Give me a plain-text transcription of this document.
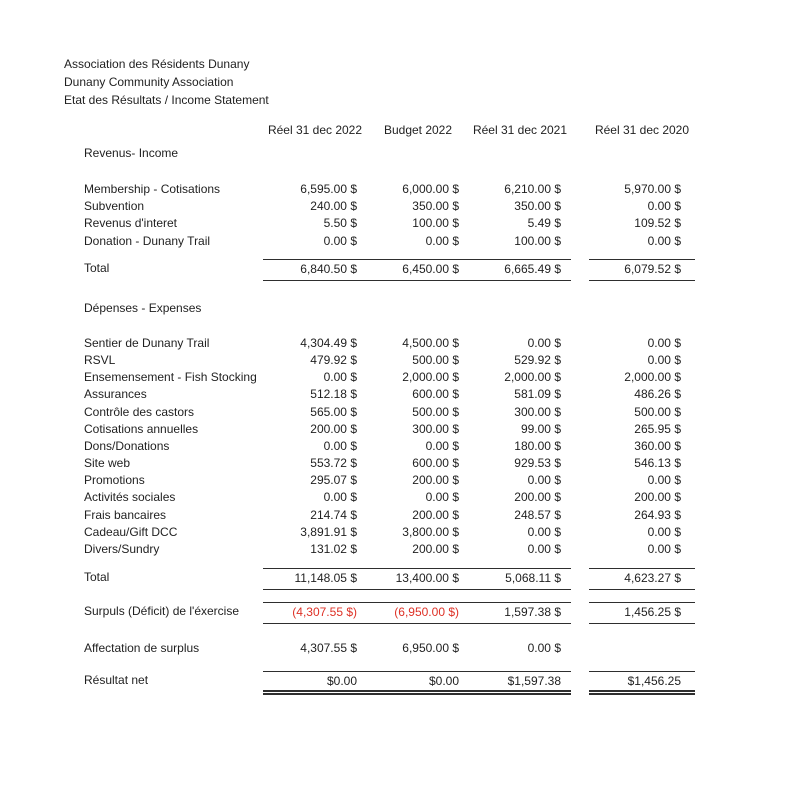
Association des Résidents Dunany
Dunany Community Association
Etat des Résultats / Income Statement
Réel 31 dec 2022	Budget 2022	Réel 31 dec 2021	Réel 31 dec 2020
Revenus- Income
Membership - Cotisations	6,595.00 $	6,000.00 $	6,210.00 $	5,970.00 $
Subvention	240.00 $	350.00 $	350.00 $	0.00 $
Revenus d'interet	5.50 $	100.00 $	5.49 $	109.52 $
Donation - Dunany Trail	0.00 $	0.00 $	100.00 $	0.00 $
Total	6,840.50 $	6,450.00 $	6,665.49 $	6,079.52 $
Dépenses - Expenses
Sentier de Dunany Trail	4,304.49 $	4,500.00 $	0.00 $	0.00 $
RSVL	479.92 $	500.00 $	529.92 $	0.00 $
Ensemensement - Fish Stocking	0.00 $	2,000.00 $	2,000.00 $	2,000.00 $
Assurances	512.18 $	600.00 $	581.09 $	486.26 $
Contrôle des castors	565.00 $	500.00 $	300.00 $	500.00 $
Cotisations annuelles	200.00 $	300.00 $	99.00 $	265.95 $
Dons/Donations	0.00 $	0.00 $	180.00 $	360.00 $
Site web	553.72 $	600.00 $	929.53 $	546.13 $
Promotions	295.07 $	200.00 $	0.00 $	0.00 $
Activités sociales	0.00 $	0.00 $	200.00 $	200.00 $
Frais bancaires	214.74 $	200.00 $	248.57 $	264.93 $
Cadeau/Gift DCC	3,891.91 $	3,800.00 $	0.00 $	0.00 $
Divers/Sundry	131.02 $	200.00 $	0.00 $	0.00 $
Total	11,148.05 $	13,400.00 $	5,068.11 $	4,623.27 $
Surpuls (Déficit) de l'éxercise	(4,307.55 $)	(6,950.00 $)	1,597.38 $	1,456.25 $
Affectation de surplus	4,307.55 $	6,950.00 $	0.00 $
Résultat net	$0.00	$0.00	$1,597.38	$1,456.25
